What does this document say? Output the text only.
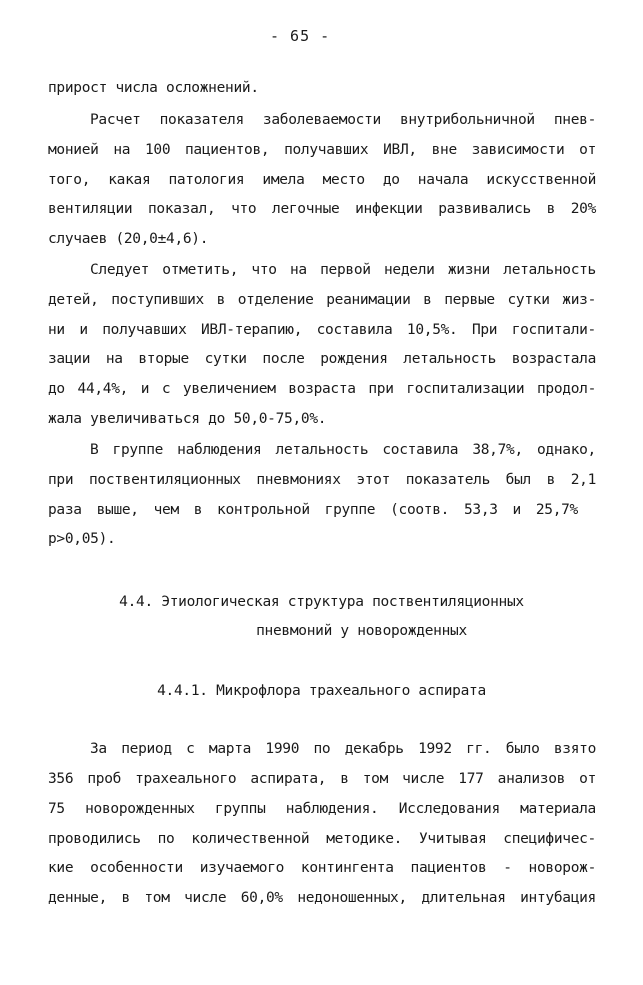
- 65 -
прирост числа осложнений.
Расчет показателя заболеваемости внутрибольничной пнев-
монией на 100 пациентов, получавших ИВЛ, вне зависимости от
того, какая патология имела место до начала искусственной
вентиляции показал, что легочные инфекции развивались в 20%
случаев (20,0±4,6).
Следует отметить, что на первой недели жизни летальность
детей, поступивших в отделение реанимации в первые сутки жиз-
ни и получавших ИВЛ-терапию, составила 10,5%. При госпитали-
зации на вторые сутки после рождения летальность возрастала
до 44,4%, и с увеличением возраста при госпитализации продол-
жала увеличиваться до 50,0-75,0%.
В группе наблюдения летальность составила 38,7%, однако,
при поствентиляционных пневмониях этот показатель был в 2,1
раза выше, чем в контрольной группе (соотв. 53,3 и 25,7%
p>0,05).
4.4. Этиологическая структура поствентиляционных
пневмоний у новорожденных
4.4.1. Микрофлора трахеального аспирата
За период с марта 1990 по декабрь 1992 гг. было взято
356 проб трахеального аспирата, в том числе 177 анализов от
75 новорожденных группы наблюдения. Исследования материала
проводились по количественной методике. Учитывая специфичес-
кие особенности изучаемого контингента пациентов - новорож-
денные, в том числе 60,0% недоношенных, длительная интубация
